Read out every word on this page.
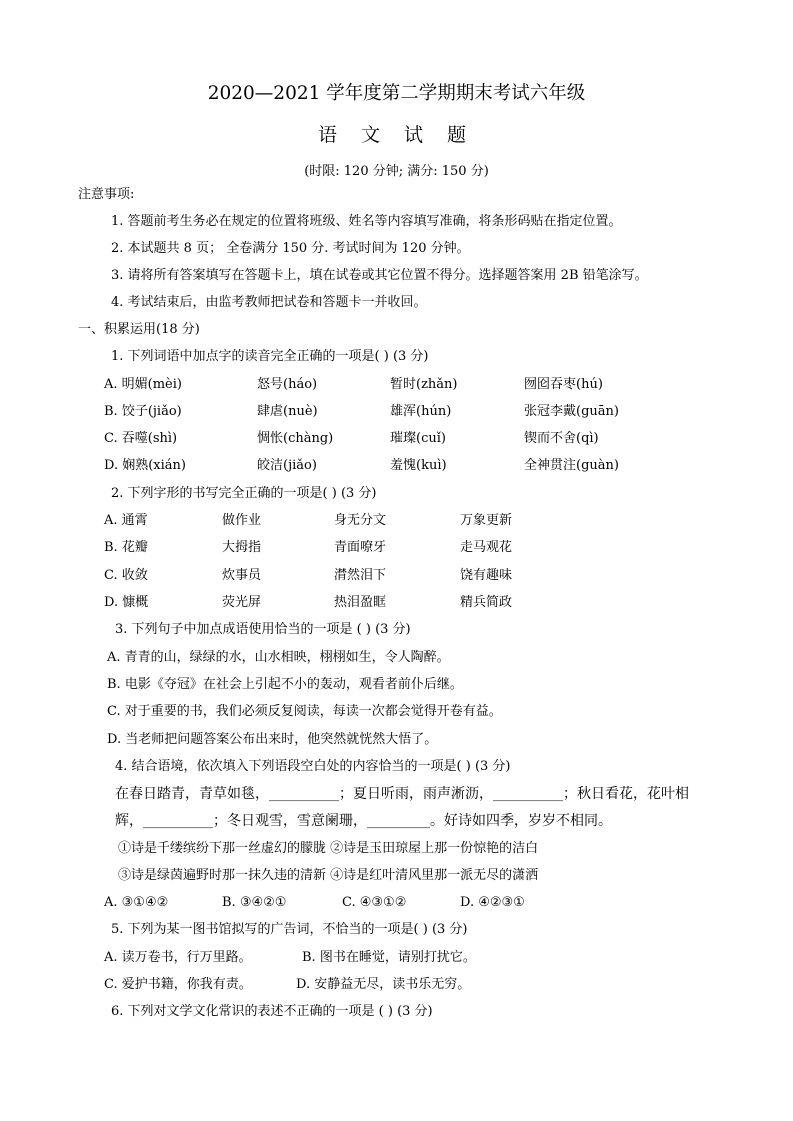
2020—2021 学年度第二学期期末考试六年级
语 文 试 题
(时限: 120 分钟; 满分: 150 分)
注意事项:
1. 答题前考生务必在规定的位置将班级、姓名等内容填写准确，将条形码贴在指定位置。
2. 本试题共 8 页； 全卷满分 150 分. 考试时间为 120 分钟。
3. 请将所有答案填写在答题卡上，填在试卷或其它位置不得分。选择题答案用 2B 铅笔涂写。
4. 考试结束后，由监考教师把试卷和答题卡一并收回。
一、积累运用(18 分)
1. 下列词语中加点字的读音完全正确的一项是( ) (3 分)
A. 明媚(mèi)	怒号(háo)	暂时(zhǎn)	囫囵吞枣(hú)
B. 饺子(jiǎo)	肆虐(nuè)	雄浑(hún)	张冠李戴(guān)
C. 吞噬(shì)	惆怅(chàng)	璀璨(cuǐ)	锲而不舍(qì)
D. 娴熟(xián)	皎洁(jiǎo)	羞愧(kuì)	全神贯注(guàn)
2. 下列字形的书写完全正确的一项是( ) (3 分)
A. 通霄	做作业	身无分文	万象更新
B. 花瓣	大拇指	青面嘹牙	走马观花
C. 收敛	炊事员	潸然泪下	饶有趣味
D. 慷概	荧光屏	热泪盈眶	精兵简政
3. 下列句子中加点成语使用恰当的一项是 ( ) (3 分)
A. 青青的山，绿绿的水，山水相映，栩栩如生，令人陶醉。
B. 电影《夺冠》在社会上引起不小的轰动，观看者前仆后继。
C. 对于重要的书，我们必须反复阅读，每读一次都会觉得开卷有益。
D. 当老师把问题答案公布出来时，他突然就恍然大悟了。
4. 结合语境，依次填入下列语段空白处的内容恰当的一项是( ) (3 分)
在春日踏青，青草如毯，__________；夏日听雨，雨声淅沥，__________；秋日看花，花叶相
辉，__________；冬日观雪，雪意阑珊，_________。好诗如四季，岁岁不相同。
①诗是千缕缤纷下那一丝虚幻的朦胧 ②诗是玉田琼屋上那一份惊艳的洁白
③诗是绿茵遍野时那一抹久违的清新 ④诗是红叶清风里那一派无尽的潇洒
A. ③①④②	B. ③④②①	C. ④③①②	D. ④②③①
5. 下列为某一图书馆拟写的广告词，不恰当的一项是( ) (3 分)
A. 读万卷书，行万里路。	B. 图书在睡觉，请别打扰它。
C. 爱护书籍，你我有责。	D. 安静益无尽，读书乐无穷。
6. 下列对文学文化常识的表述不正确的一项是 ( ) (3 分)
